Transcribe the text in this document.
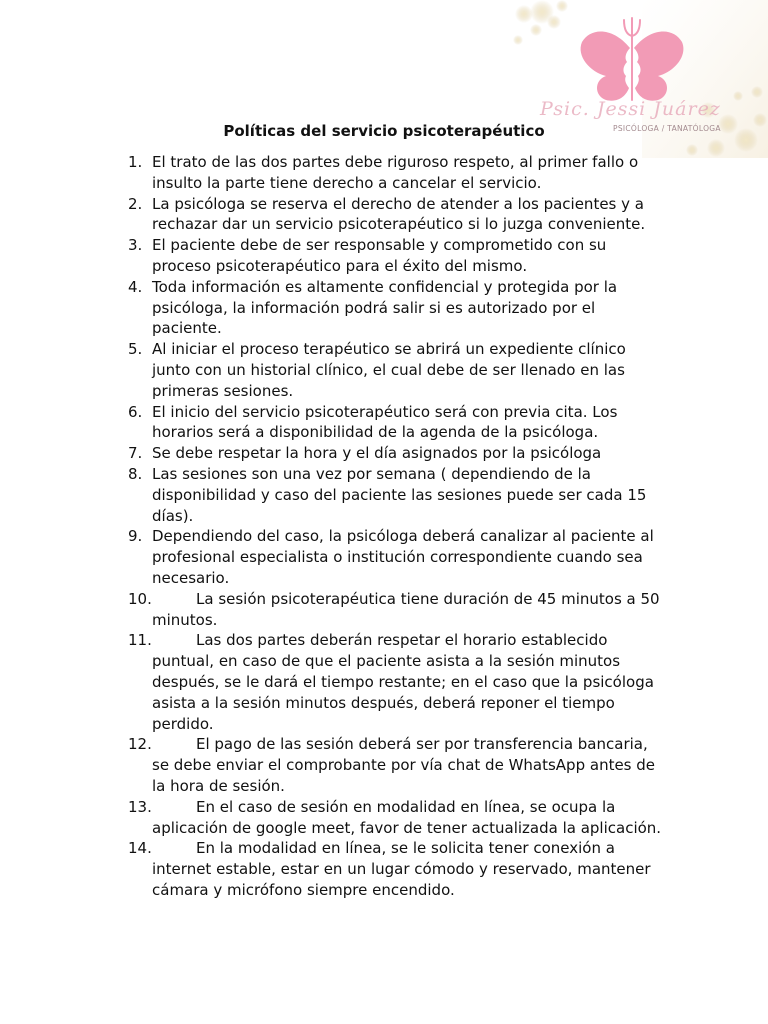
Psic. Jessi Juárez
PSICÓLOGA / TANATÓLOGA
Políticas del servicio psicoterapéutico
1. El trato de las dos partes debe riguroso respeto, al primer fallo o insulto la parte tiene derecho a cancelar el servicio.
2. La psicóloga se reserva el derecho de atender a los pacientes y a rechazar dar un servicio psicoterapéutico si lo juzga conveniente.
3. El paciente debe de ser responsable y comprometido con su proceso psicoterapéutico para el éxito del mismo.
4. Toda información es altamente confidencial y protegida por la psicóloga, la información podrá salir si es autorizado por el paciente.
5. Al iniciar el proceso terapéutico se abrirá un expediente clínico junto con un historial clínico, el cual debe de ser llenado en las primeras sesiones.
6. El inicio del servicio psicoterapéutico será con previa cita. Los horarios será a disponibilidad de la agenda de la psicóloga.
7. Se debe respetar la hora y el día asignados por la psicóloga
8. Las sesiones son una vez por semana ( dependiendo de la disponibilidad y caso del paciente las sesiones puede ser cada 15 días).
9. Dependiendo del caso, la psicóloga deberá canalizar al paciente al profesional especialista o institución correspondiente cuando sea necesario.
10.	La sesión psicoterapéutica tiene duración de 45 minutos a 50 minutos.
11.	Las dos partes deberán respetar el horario establecido puntual, en caso de que el paciente asista a la sesión minutos después, se le dará el tiempo restante; en el caso que la psicóloga asista a la sesión minutos después, deberá reponer el tiempo perdido.
12.	El pago de las sesión deberá ser por transferencia bancaria, se debe enviar el comprobante por vía chat de WhatsApp antes de la hora de sesión.
13.	En el caso de sesión en modalidad en línea, se ocupa la aplicación de google meet, favor de tener actualizada la aplicación.
14.	En la modalidad en línea, se le solicita tener conexión a internet estable, estar en un lugar cómodo y reservado, mantener cámara y micrófono siempre encendido.
